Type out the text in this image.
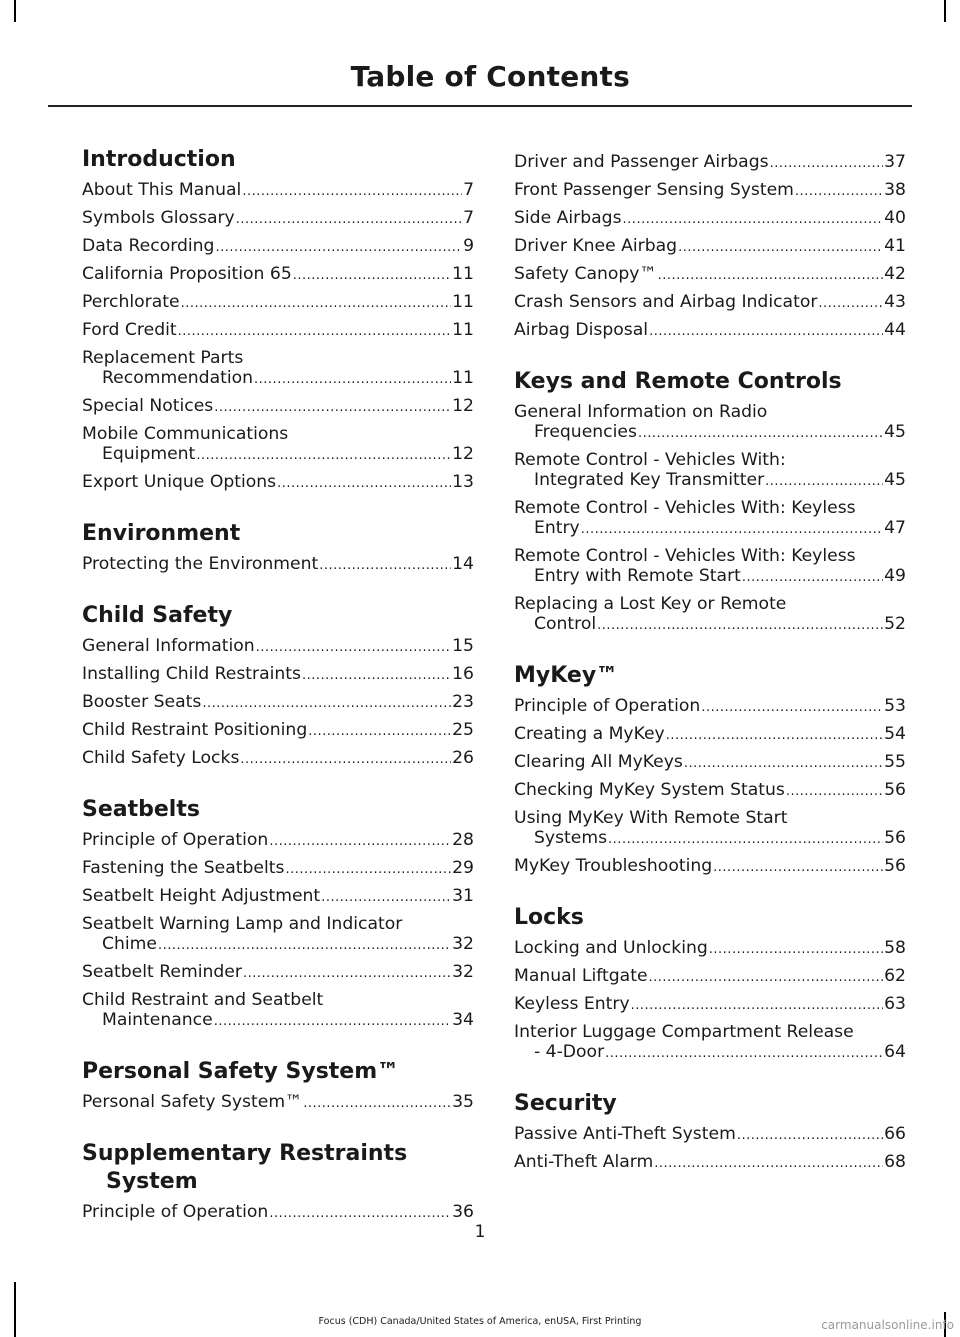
Table of Contents
Introduction
About This Manual .....	7
Symbols Glossary .....	7
Data Recording .....	9
California Proposition 65 .....	11
Perchlorate .....	11
Ford Credit .....	11
Replacement Parts
Recommendation .....	11
Special Notices .....	12
Mobile Communications
Equipment .....	12
Export Unique Options .....	13
Environment
Protecting the Environment .....	14
Child Safety
General Information .....	15
Installing Child Restraints .....	16
Booster Seats .....	23
Child Restraint Positioning .....	25
Child Safety Locks .....	26
Seatbelts
Principle of Operation .....	28
Fastening the Seatbelts .....	29
Seatbelt Height Adjustment .....	31
Seatbelt Warning Lamp and Indicator
Chime .....	32
Seatbelt Reminder .....	32
Child Restraint and Seatbelt
Maintenance .....	34
Personal Safety System™
Personal Safety System™ .....	35
Supplementary Restraints
System
Principle of Operation .....	36
Driver and Passenger Airbags .....	37
Front Passenger Sensing System .....	38
Side Airbags .....	40
Driver Knee Airbag .....	41
Safety Canopy™ .....	42
Crash Sensors and Airbag Indicator .....	43
Airbag Disposal .....	44
Keys and Remote Controls
General Information on Radio
Frequencies .....	45
Remote Control - Vehicles With:
Integrated Key Transmitter .....	45
Remote Control - Vehicles With: Keyless
Entry .....	47
Remote Control - Vehicles With: Keyless
Entry with Remote Start .....	49
Replacing a Lost Key or Remote
Control .....	52
MyKey™
Principle of Operation .....	53
Creating a MyKey .....	54
Clearing All MyKeys .....	55
Checking MyKey System Status .....	56
Using MyKey With Remote Start
Systems .....	56
MyKey Troubleshooting .....	56
Locks
Locking and Unlocking .....	58
Manual Liftgate .....	62
Keyless Entry .....	63
Interior Luggage Compartment Release
- 4-Door .....	64
Security
Passive Anti-Theft System .....	66
Anti-Theft Alarm .....	68
1
Focus (CDH) Canada/United States of America, enUSA, First Printing	carmanualsonline.info
